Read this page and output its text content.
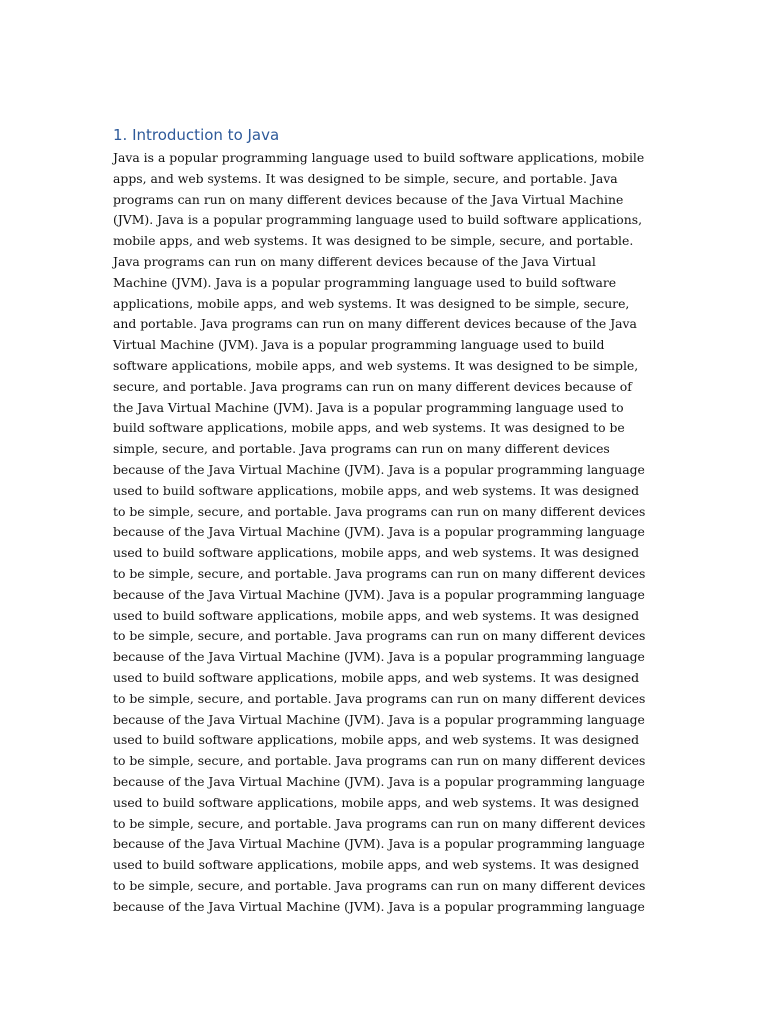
1. Introduction to Java
Java is a popular programming language used to build software applications, mobile
apps, and web systems. It was designed to be simple, secure, and portable. Java
programs can run on many different devices because of the Java Virtual Machine
(JVM). Java is a popular programming language used to build software applications,
mobile apps, and web systems. It was designed to be simple, secure, and portable.
Java programs can run on many different devices because of the Java Virtual
Machine (JVM). Java is a popular programming language used to build software
applications, mobile apps, and web systems. It was designed to be simple, secure,
and portable. Java programs can run on many different devices because of the Java
Virtual Machine (JVM). Java is a popular programming language used to build
software applications, mobile apps, and web systems. It was designed to be simple,
secure, and portable. Java programs can run on many different devices because of
the Java Virtual Machine (JVM). Java is a popular programming language used to
build software applications, mobile apps, and web systems. It was designed to be
simple, secure, and portable. Java programs can run on many different devices
because of the Java Virtual Machine (JVM). Java is a popular programming language
used to build software applications, mobile apps, and web systems. It was designed
to be simple, secure, and portable. Java programs can run on many different devices
because of the Java Virtual Machine (JVM). Java is a popular programming language
used to build software applications, mobile apps, and web systems. It was designed
to be simple, secure, and portable. Java programs can run on many different devices
because of the Java Virtual Machine (JVM). Java is a popular programming language
used to build software applications, mobile apps, and web systems. It was designed
to be simple, secure, and portable. Java programs can run on many different devices
because of the Java Virtual Machine (JVM). Java is a popular programming language
used to build software applications, mobile apps, and web systems. It was designed
to be simple, secure, and portable. Java programs can run on many different devices
because of the Java Virtual Machine (JVM). Java is a popular programming language
used to build software applications, mobile apps, and web systems. It was designed
to be simple, secure, and portable. Java programs can run on many different devices
because of the Java Virtual Machine (JVM). Java is a popular programming language
used to build software applications, mobile apps, and web systems. It was designed
to be simple, secure, and portable. Java programs can run on many different devices
because of the Java Virtual Machine (JVM). Java is a popular programming language
used to build software applications, mobile apps, and web systems. It was designed
to be simple, secure, and portable. Java programs can run on many different devices
because of the Java Virtual Machine (JVM). Java is a popular programming language
